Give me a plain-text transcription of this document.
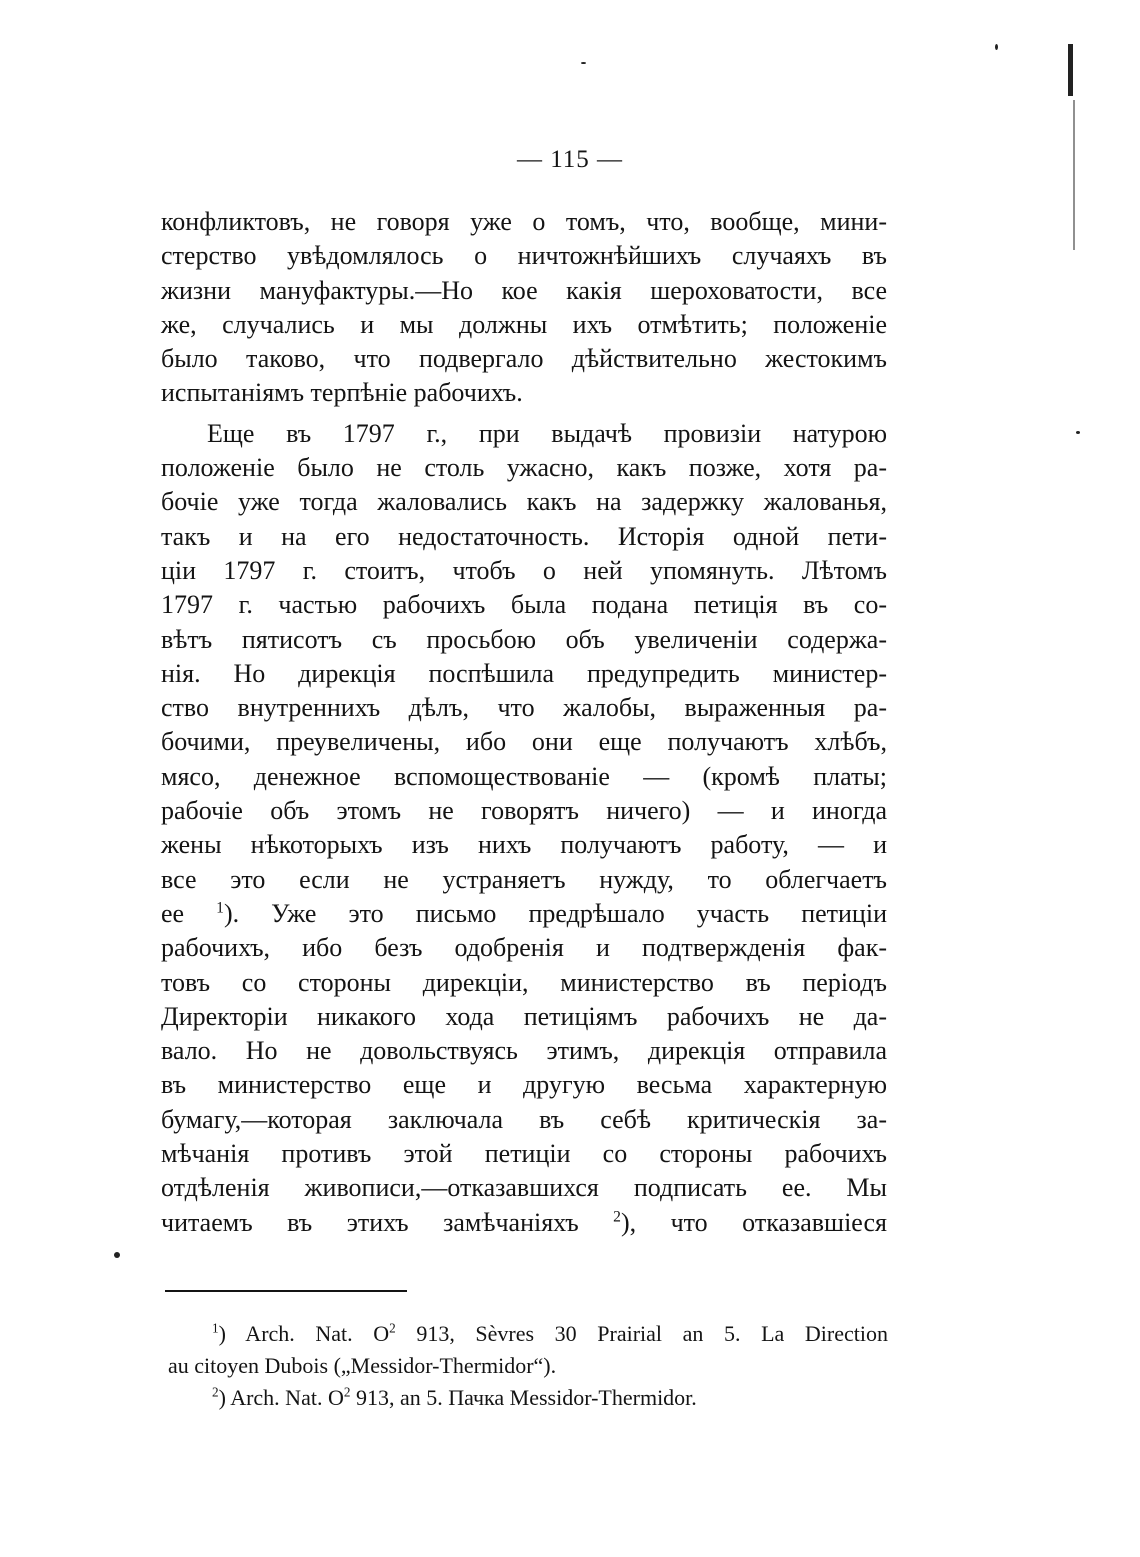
— 115 —
конфликтовъ, не говоря уже о томъ, что, вообще, мини-
стерство увѣдомлялось о ничтожнѣйшихъ случаяхъ въ
жизни мануфактуры.—Но кое какія шероховатости, все
же, случались и мы должны ихъ отмѣтить; положеніе
было таково, что подвергало дѣйствительно жестокимъ
испытаніямъ терпѣніе рабочихъ.
Еще въ 1797 г., при выдачѣ провизіи натурою
положеніе было не столь ужасно, какъ позже, хотя ра-
бочіе уже тогда жаловались какъ на задержку жалованья,
такъ и на его недостаточность. Исторія одной пети-
ціи 1797 г. стоитъ, чтобъ о ней упомянуть. Лѣтомъ
1797 г. частью рабочихъ была подана петиція въ со-
вѣтъ пятисотъ съ просьбою объ увеличеніи содержа-
нія. Но дирекція поспѣшила предупредить министер-
ство внутреннихъ дѣлъ, что жалобы, выраженныя ра-
бочими, преувеличены, ибо они еще получаютъ хлѣбъ,
мясо, денежное вспомоществованіе — (кромѣ платы;
рабочіе объ этомъ не говорятъ ничего) — и иногда
жены нѣкоторыхъ изъ нихъ получаютъ работу, — и
все это если не устраняетъ нужду, то облегчаетъ
ее $^1$). Уже это письмо предрѣшало участь петиціи
рабочихъ, ибо безъ одобренія и подтвержденія фак-
товъ со стороны дирекціи, министерство въ періодъ
Директоріи никакого хода петиціямъ рабочихъ не да-
вало. Но не довольствуясь этимъ, дирекція отправила
въ министерство еще и другую весьма характерную
бумагу,—которая заключала въ себѣ критическія за-
мѣчанія противъ этой петиціи со стороны рабочихъ
отдѣленія живописи,—отказавшихся подписать ее. Мы
читаемъ въ этихъ замѣчаніяхъ $^2$), что отказавшіеся
$^1$) Arch. Nat. $O^2$ 913, Sèvres 30 Prairial an 5. La Direction
au citoyen Dubois („Messidor-Thermidor“).
$^2$) Arch. Nat. $O^2$ 913, an 5. Пачка Messidor-Thermidor.
